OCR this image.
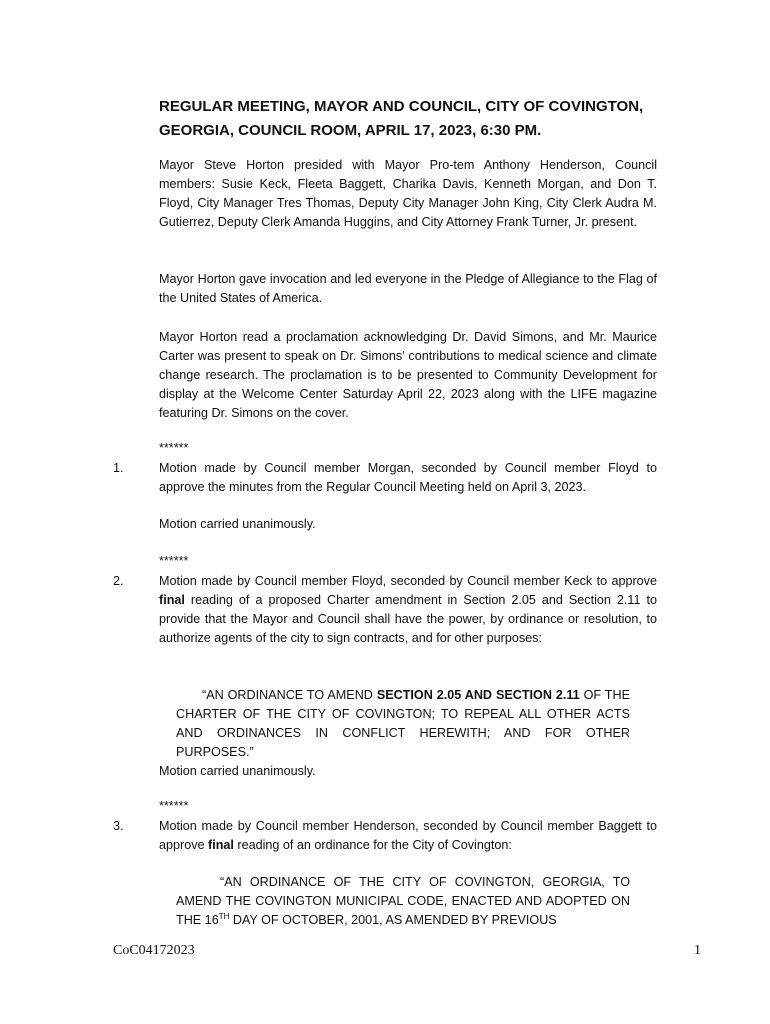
REGULAR MEETING, MAYOR AND COUNCIL, CITY OF COVINGTON, GEORGIA, COUNCIL ROOM, APRIL 17, 2023, 6:30 PM.

Mayor Steve Horton presided with Mayor Pro-tem Anthony Henderson, Council members: Susie Keck, Fleeta Baggett, Charika Davis, Kenneth Morgan, and Don T. Floyd, City Manager Tres Thomas, Deputy City Manager John King, City Clerk Audra M. Gutierrez, Deputy Clerk Amanda Huggins, and City Attorney Frank Turner, Jr. present.

Mayor Horton gave invocation and led everyone in the Pledge of Allegiance to the Flag of the United States of America.

Mayor Horton read a proclamation acknowledging Dr. David Simons, and Mr. Maurice Carter was present to speak on Dr. Simons’ contributions to medical science and climate change research. The proclamation is to be presented to Community Development for display at the Welcome Center Saturday April 22, 2023 along with the LIFE magazine featuring Dr. Simons on the cover.

******

1.	Motion made by Council member Morgan, seconded by Council member Floyd to approve the minutes from the Regular Council Meeting held on April 3, 2023.

Motion carried unanimously.

******

2.	Motion made by Council member Floyd, seconded by Council member Keck to approve final reading of a proposed Charter amendment in Section 2.05 and Section 2.11 to provide that the Mayor and Council shall have the power, by ordinance or resolution, to authorize agents of the city to sign contracts, and for other purposes:

“AN ORDINANCE TO AMEND SECTION 2.05 AND SECTION 2.11 OF THE CHARTER OF THE CITY OF COVINGTON; TO REPEAL ALL OTHER ACTS AND ORDINANCES IN CONFLICT HEREWITH; AND FOR OTHER PURPOSES.”

Motion carried unanimously.

******

3.	Motion made by Council member Henderson, seconded by Council member Baggett to approve final reading of an ordinance for the City of Covington:

“AN ORDINANCE OF THE CITY OF COVINGTON, GEORGIA, TO AMEND THE COVINGTON MUNICIPAL CODE, ENACTED AND ADOPTED ON THE 16TH DAY OF OCTOBER, 2001, AS AMENDED BY PREVIOUS

CoC04172023	1
